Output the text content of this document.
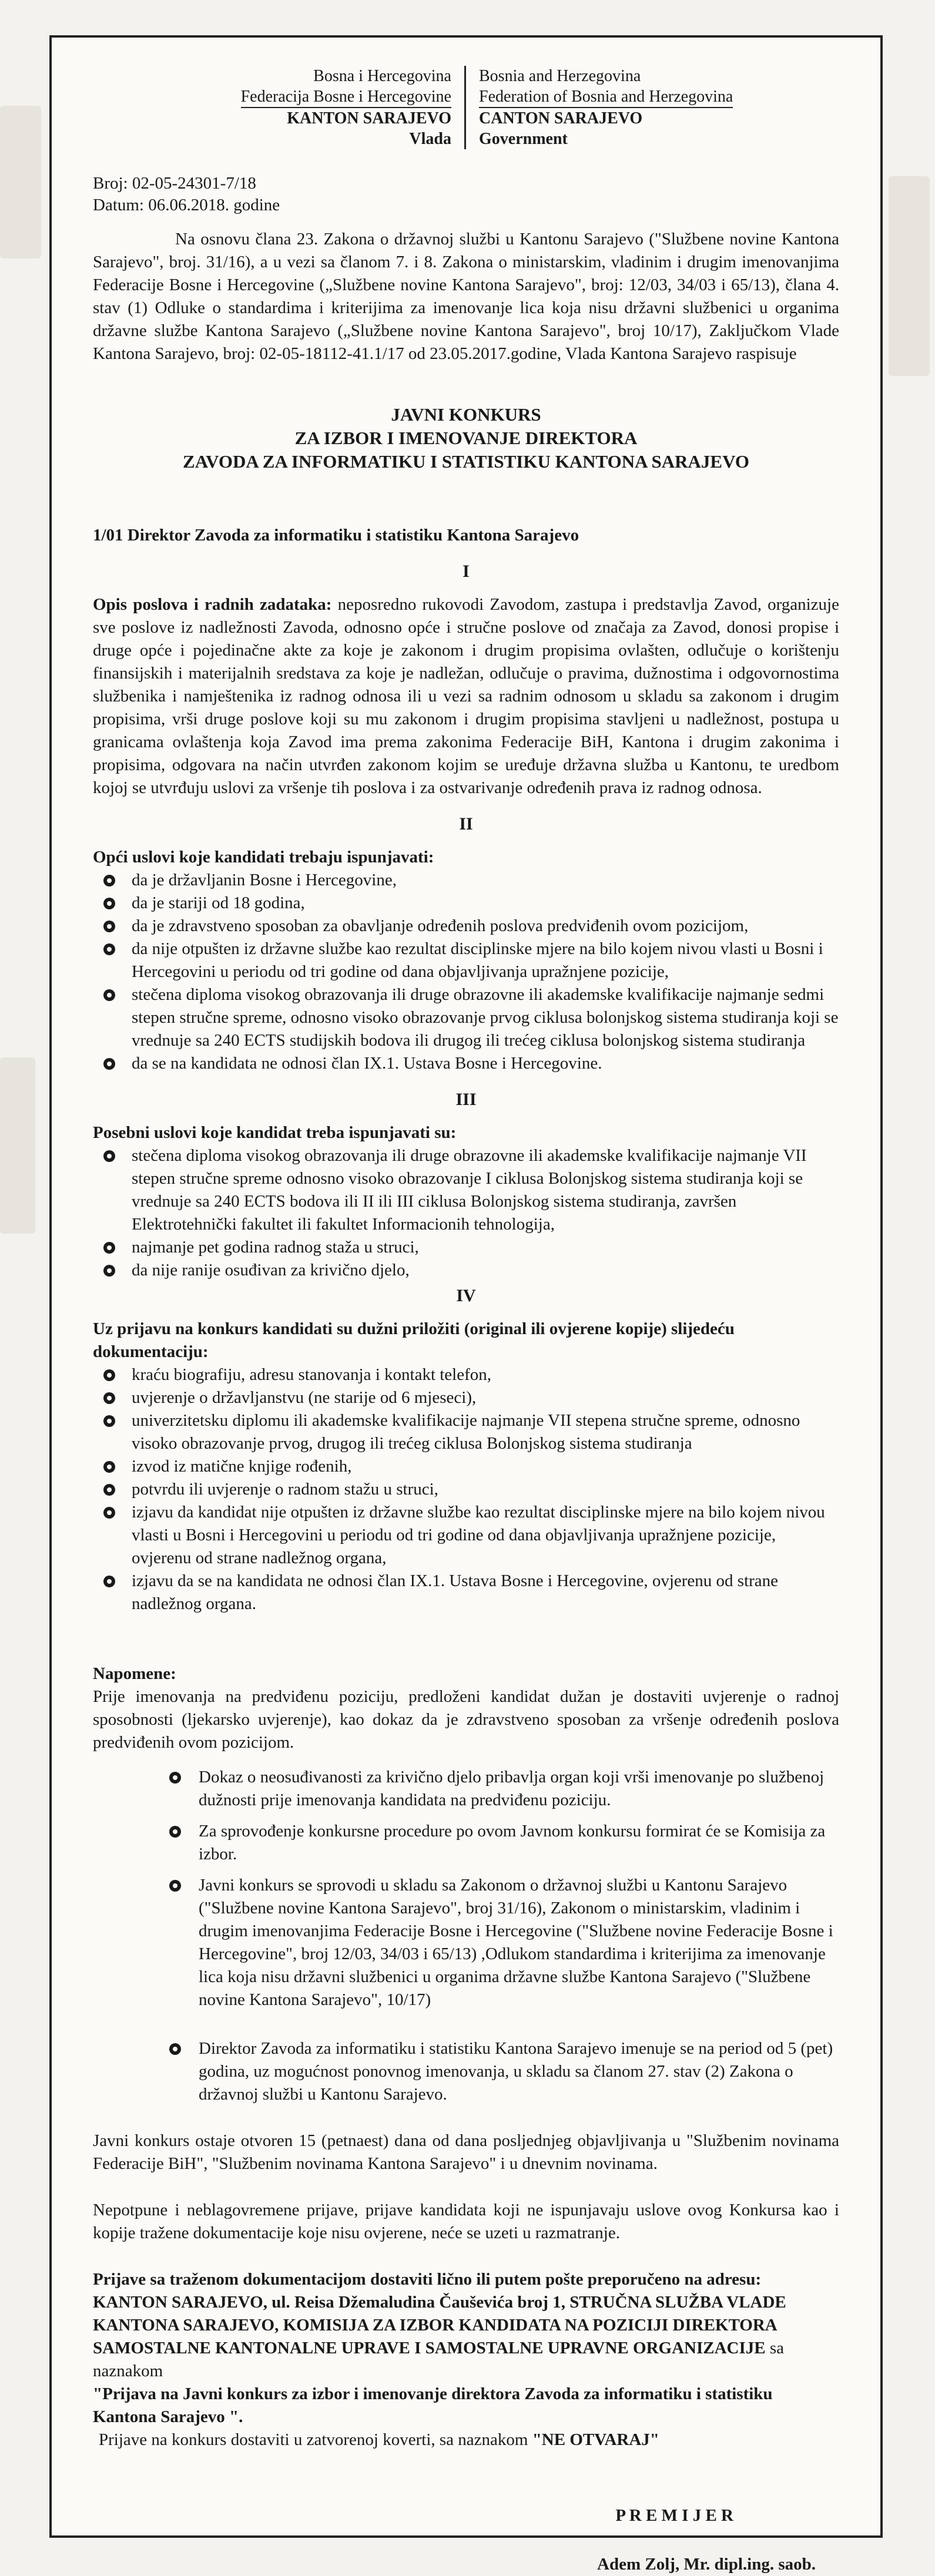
Bosna i Hercegovina
Federacija Bosne i Hercegovine
KANTON SARAJEVO
Vlada
Bosnia and Herzegovina
Federation of Bosnia and Herzegovina
CANTON SARAJEVO
Government
Broj: 02-05-24301-7/18
Datum: 06.06.2018. godine

Na osnovu člana 23. Zakona o državnoj službi u Kantonu Sarajevo ("Službene novine Kantona Sarajevo", broj. 31/16), a u vezi sa članom 7. i 8. Zakona o ministarskim, vladinim i drugim imenovanjima Federacije Bosne i Hercegovine („Službene novine Kantona Sarajevo", broj: 12/03, 34/03 i 65/13), člana 4. stav (1) Odluke o standardima i kriterijima za imenovanje lica koja nisu državni službenici u organima državne službe Kantona Sarajevo („Službene novine Kantona Sarajevo", broj 10/17), Zaključkom Vlade Kantona Sarajevo, broj: 02-05-18112-41.1/17 od 23.05.2017.godine, Vlada Kantona Sarajevo raspisuje

JAVNI KONKURS
ZA IZBOR I IMENOVANJE DIREKTORA
ZAVODA ZA INFORMATIKU I STATISTIKU KANTONA SARAJEVO

1/01 Direktor Zavoda za informatiku i statistiku Kantona Sarajevo

I

Opis poslova i radnih zadataka: neposredno rukovodi Zavodom, zastupa i predstavlja Zavod, organizuje sve poslove iz nadležnosti Zavoda, odnosno opće i stručne poslove od značaja za Zavod, donosi propise i druge opće i pojedinačne akte za koje je zakonom i drugim propisima ovlašten, odlučuje o korištenju finansijskih i materijalnih sredstava za koje je nadležan, odlučuje o pravima, dužnostima i odgovornostima službenika i namještenika iz radnog odnosa ili u vezi sa radnim odnosom u skladu sa zakonom i drugim propisima, vrši druge poslove koji su mu zakonom i drugim propisima stavljeni u nadležnost, postupa u granicama ovlaštenja koja Zavod ima prema zakonima Federacije BiH, Kantona i drugim zakonima i propisima, odgovara na način utvrđen zakonom kojim se uređuje državna služba u Kantonu, te uredbom kojoj se utvrđuju uslovi za vršenje tih poslova i za ostvarivanje određenih prava iz radnog odnosa.

II

Opći uslovi koje kandidati trebaju ispunjavati:

da je državljanin Bosne i Hercegovine,
da je stariji od 18 godina,
da je zdravstveno sposoban za obavljanje određenih poslova predviđenih ovom pozicijom,
da nije otpušten iz državne službe kao rezultat disciplinske mjere na bilo kojem nivou vlasti u Bosni i Hercegovini u periodu od tri godine od dana objavljivanja upražnjene pozicije,
stečena diploma visokog obrazovanja ili druge obrazovne ili akademske kvalifikacije najmanje sedmi stepen stručne spreme, odnosno visoko obrazovanje prvog ciklusa bolonjskog sistema studiranja koji se vrednuje sa 240 ECTS studijskih bodova ili drugog ili trećeg ciklusa bolonjskog sistema studiranja
da se na kandidata ne odnosi član IX.1. Ustava Bosne i Hercegovine.
III

Posebni uslovi koje kandidat treba ispunjavati su:

stečena diploma visokog obrazovanja ili druge obrazovne ili akademske kvalifikacije najmanje VII stepen stručne spreme odnosno visoko obrazovanje I ciklusa Bolonjskog sistema studiranja koji se vrednuje sa 240 ECTS bodova ili II ili III ciklusa Bolonjskog sistema studiranja, završen Elektrotehnički fakultet ili fakultet Informacionih tehnologija,
najmanje pet godina radnog staža u struci,
da nije ranije osuđivan za krivično djelo,
IV

Uz prijavu na konkurs kandidati su dužni priložiti (original ili ovjerene kopije) slijedeću dokumentaciju:

kraću biografiju, adresu stanovanja i kontakt telefon,
uvjerenje o državljanstvu (ne starije od 6 mjeseci),
univerzitetsku diplomu ili akademske kvalifikacije najmanje VII stepena stručne spreme, odnosno visoko obrazovanje prvog, drugog ili trećeg ciklusa Bolonjskog sistema studiranja
izvod iz matične knjige rođenih,
potvrdu ili uvjerenje o radnom stažu u struci,
izjavu da kandidat nije otpušten iz državne službe kao rezultat disciplinske mjere na bilo kojem nivou vlasti u Bosni i Hercegovini u periodu od tri godine od dana objavljivanja upražnjene pozicije, ovjerenu od strane nadležnog organa,
izjavu da se na kandidata ne odnosi član IX.1. Ustava Bosne i Hercegovine, ovjerenu od strane nadležnog organa.

Napomene:

Prije imenovanja na predviđenu poziciju, predloženi kandidat dužan je dostaviti uvjerenje o radnoj sposobnosti (ljekarsko uvjerenje), kao dokaz da je zdravstveno sposoban za vršenje određenih poslova predviđenih ovom pozicijom.

Dokaz o neosuđivanosti za krivično djelo pribavlja organ koji vrši imenovanje po službenoj dužnosti prije imenovanja kandidata na predviđenu poziciju.
Za sprovođenje konkursne procedure po ovom Javnom konkursu formirat će se Komisija za izbor.
Javni konkurs se sprovodi u skladu sa Zakonom o državnoj službi u Kantonu Sarajevo ("Službene novine Kantona Sarajevo", broj 31/16), Zakonom o ministarskim, vladinim i drugim imenovanjima Federacije Bosne i Hercegovine ("Službene novine Federacije Bosne i Hercegovine", broj 12/03, 34/03 i 65/13) ,Odlukom standardima i kriterijima za imenovanje lica koja nisu državni službenici u organima državne službe Kantona Sarajevo ("Službene novine Kantona Sarajevo", 10/17)
Direktor Zavoda za informatiku i statistiku Kantona Sarajevo imenuje se na period od 5 (pet) godina, uz mogućnost ponovnog imenovanja, u skladu sa članom 27. stav (2) Zakona o državnoj službi u Kantonu Sarajevo.

Javni konkurs ostaje otvoren 15 (petnaest) dana od dana posljednjeg objavljivanja u "Službenim novinama Federacije BiH", "Službenim novinama Kantona Sarajevo" i u dnevnim novinama.

Nepotpune i neblagovremene prijave, prijave kandidata koji ne ispunjavaju uslove ovog Konkursa kao i kopije tražene dokumentacije koje nisu ovjerene, neće se uzeti u razmatranje.

Prijave sa traženom dokumentacijom dostaviti lično ili putem pošte preporučeno na adresu:

KANTON SARAJEVO, ul. Reisa Džemaludina Čauševića broj 1, STRUČNA SLUŽBA VLADE KANTONA SARAJEVO, KOMISIJA ZA IZBOR KANDIDATA NA POZICIJI DIREKTORA SAMOSTALNE KANTONALNE UPRAVE I SAMOSTALNE UPRAVNE ORGANIZACIJE sa

naznakom

"Prijava na Javni konkurs za izbor i imenovanje direktora Zavoda za informatiku i statistiku Kantona Sarajevo ".

Prijave na konkurs dostaviti u zatvorenoj koverti, sa naznakom "NE OTVARAJ"

P R E M I J E R
Adem Zolj, Mr. dipl.ing. saob.
